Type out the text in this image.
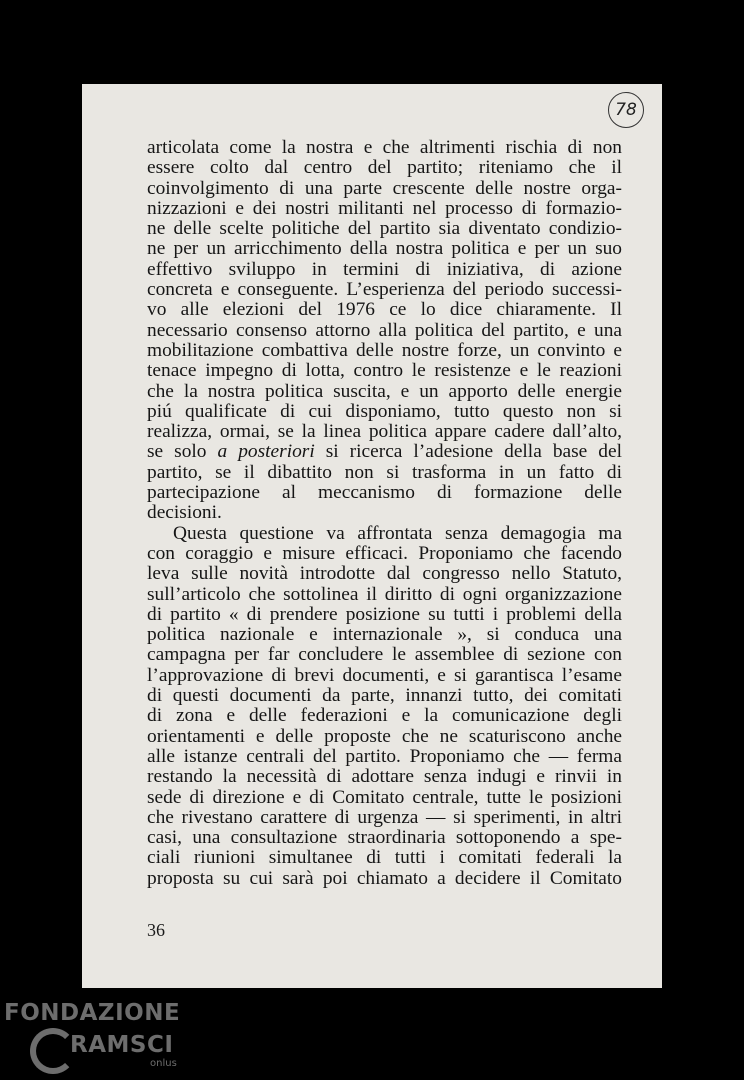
78
articolata come la nostra e che altrimenti rischia di non
essere colto dal centro del partito; riteniamo che il
coinvolgimento di una parte crescente delle nostre orga-
nizzazioni e dei nostri militanti nel processo di formazio-
ne delle scelte politiche del partito sia diventato condizio-
ne per un arricchimento della nostra politica e per un suo
effettivo sviluppo in termini di iniziativa, di azione
concreta e conseguente. L’esperienza del periodo successi-
vo alle elezioni del 1976 ce lo dice chiaramente. Il
necessario consenso attorno alla politica del partito, e una
mobilitazione combattiva delle nostre forze, un convinto e
tenace impegno di lotta, contro le resistenze e le reazioni
che la nostra politica suscita, e un apporto delle energie
piú qualificate di cui disponiamo, tutto questo non si
realizza, ormai, se la linea politica appare cadere dall’alto,
se solo a posteriori si ricerca l’adesione della base del
partito, se il dibattito non si trasforma in un fatto di
partecipazione al meccanismo di formazione delle
decisioni.
Questa questione va affrontata senza demagogia ma
con coraggio e misure efficaci. Proponiamo che facendo
leva sulle novità introdotte dal congresso nello Statuto,
sull’articolo che sottolinea il diritto di ogni organizzazione
di partito « di prendere posizione su tutti i problemi della
politica nazionale e internazionale », si conduca una
campagna per far concludere le assemblee di sezione con
l’approvazione di brevi documenti, e si garantisca l’esame
di questi documenti da parte, innanzi tutto, dei comitati
di zona e delle federazioni e la comunicazione degli
orientamenti e delle proposte che ne scaturiscono anche
alle istanze centrali del partito. Proponiamo che — ferma
restando la necessità di adottare senza indugi e rinvii in
sede di direzione e di Comitato centrale, tutte le posizioni
che rivestano carattere di urgenza — si sperimenti, in altri
casi, una consultazione straordinaria sottoponendo a spe-
ciali riunioni simultanee di tutti i comitati federali la
proposta su cui sarà poi chiamato a decidere il Comitato
36
FONDAZIONE
RAMSCI
onlus
